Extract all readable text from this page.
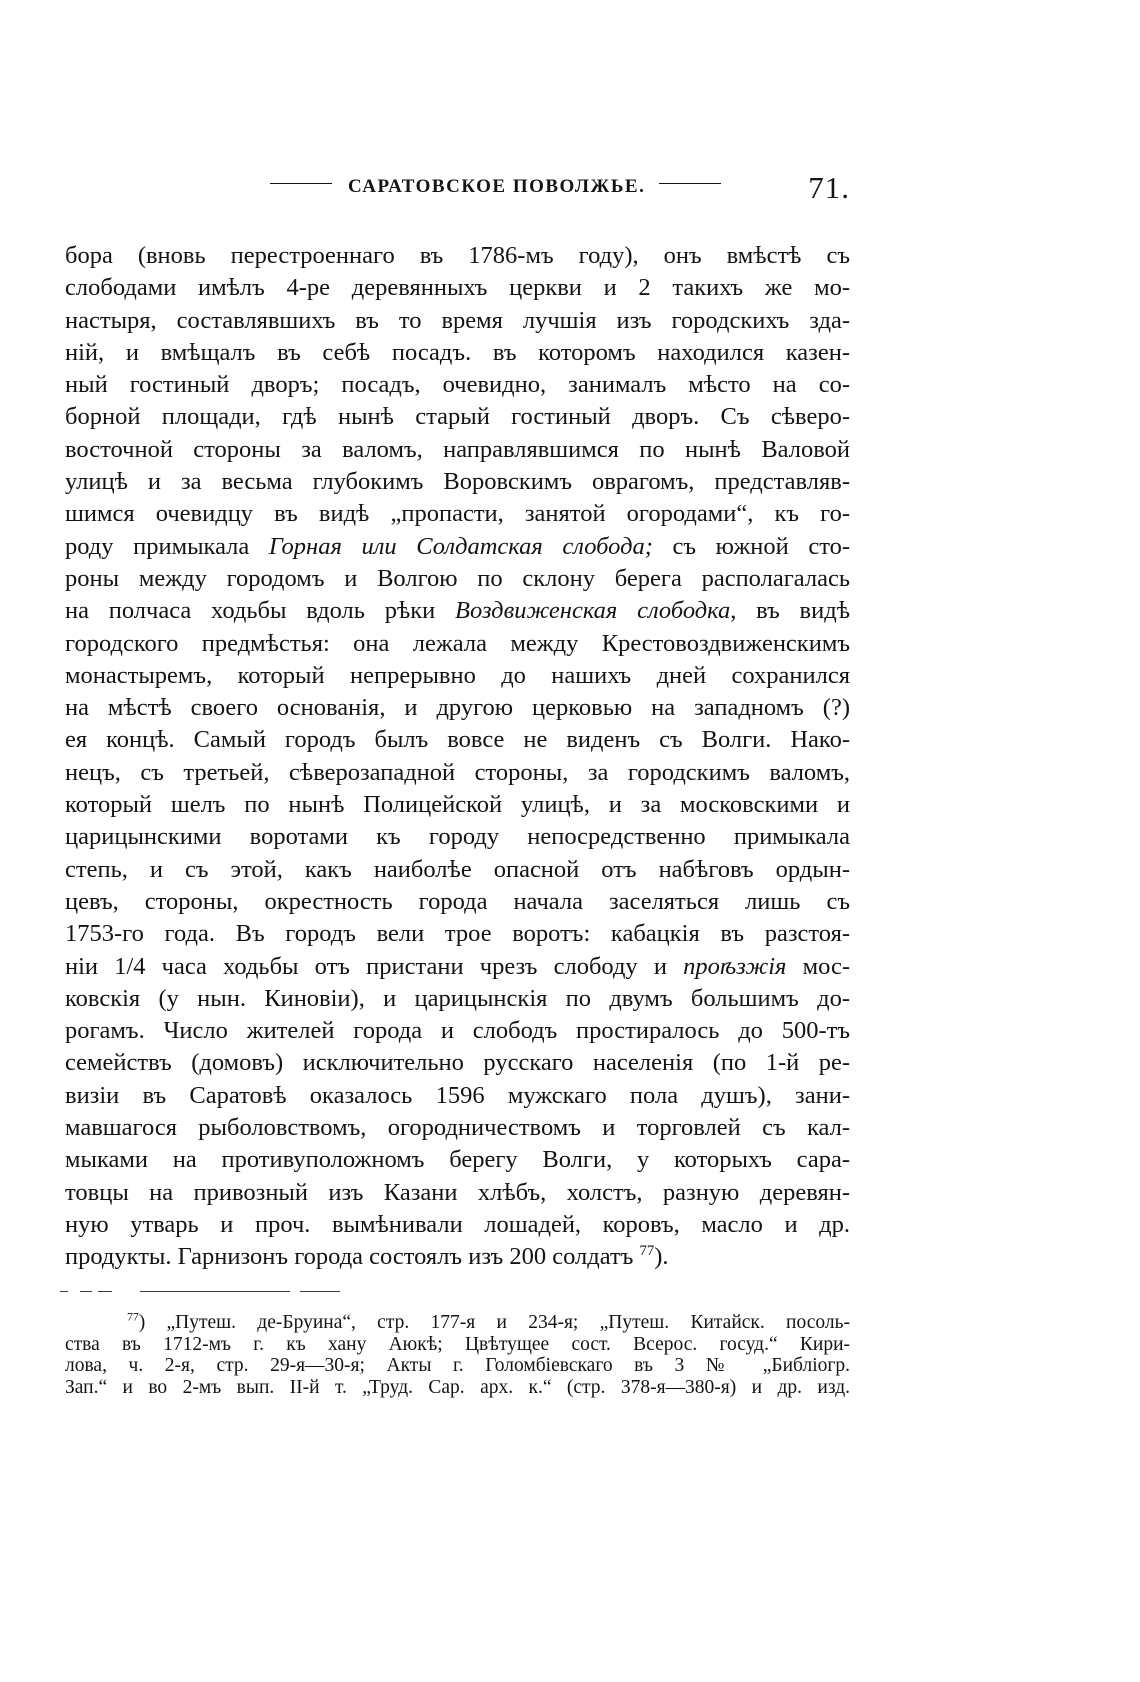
САРАТОВСКОЕ ПОВОЛЖЬЕ.	71.
бора (вновь перестроеннаго въ 1786-мъ году), онъ вмѣстѣ съ
слободами имѣлъ 4-ре деревянныхъ церкви и 2 такихъ же мо-
настыря, составлявшихъ въ то время лучшія изъ городскихъ зда-
ній, и вмѣщалъ въ себѣ посадъ. въ которомъ находился казен-
ный гостиный дворъ; посадъ, очевидно, занималъ мѣсто на со-
борной площади, гдѣ нынѣ старый гостиный дворъ. Съ сѣверо-
восточной стороны за валомъ, направлявшимся по нынѣ Валовой
улицѣ и за весьма глубокимъ Воровскимъ оврагомъ, представляв-
шимся очевидцу въ видѣ „пропасти, занятой огородами“, къ го-
роду примыкала Горная или Солдатская слобода; съ южной сто-
роны между городомъ и Волгою по склону берега располагалась
на полчаса ходьбы вдоль рѣки Воздвиженская слободка, въ видѣ
городского предмѣстья: она лежала между Крестовоздвиженскимъ
монастыремъ, который непрерывно до нашихъ дней сохранился
на мѣстѣ своего основанія, и другою церковью на западномъ (?)
ея концѣ. Самый городъ былъ вовсе не виденъ съ Волги. Нако-
нецъ, съ третьей, сѣверозападной стороны, за городскимъ валомъ,
который шелъ по нынѣ Полицейской улицѣ, и за московскими и
царицынскими воротами къ городу непосредственно примыкала
степь, и съ этой, какъ наиболѣе опасной отъ набѣговъ ордын-
цевъ, стороны, окрестность города начала заселяться лишь съ
1753-го года. Въ городъ вели трое воротъ: кабацкія въ разстоя-
ніи 1/4 часа ходьбы отъ пристани чрезъ слободу и проѣзжія мос-
ковскія (у нын. Киновіи), и царицынскія по двумъ большимъ до-
рогамъ. Число жителей города и слободъ простиралось до 500-тъ
семействъ (домовъ) исключительно русскаго населенія (по 1-й ре-
визіи въ Саратовѣ оказалось 1596 мужскаго пола душъ), зани-
мавшагося рыболовствомъ, огородничествомъ и торговлей съ кал-
мыками на противуположномъ берегу Волги, у которыхъ сара-
товцы на привозный изъ Казани хлѣбъ, холстъ, разную деревян-
ную утварь и проч. вымѣнивали лошадей, коровъ, масло и др.
продукты. Гарнизонъ города состоялъ изъ 200 солдатъ $^{77}$).
$^{77}$) „Путеш. де-Бруина“, стр. 177-я и 234-я; „Путеш. Китайск. посоль-
ства въ 1712-мъ г. къ хану Аюкѣ; Цвѣтущее сост. Всерос. госуд.“ Кири-
лова, ч. 2-я, стр. 29-я—30-я; Акты г. Голомбіевскаго въ 3 № „Библіогр.
Зап.“ и во 2-мъ вып. II-й т. „Труд. Сар. арх. к.“ (стр. 378-я—380-я) и др. изд.
